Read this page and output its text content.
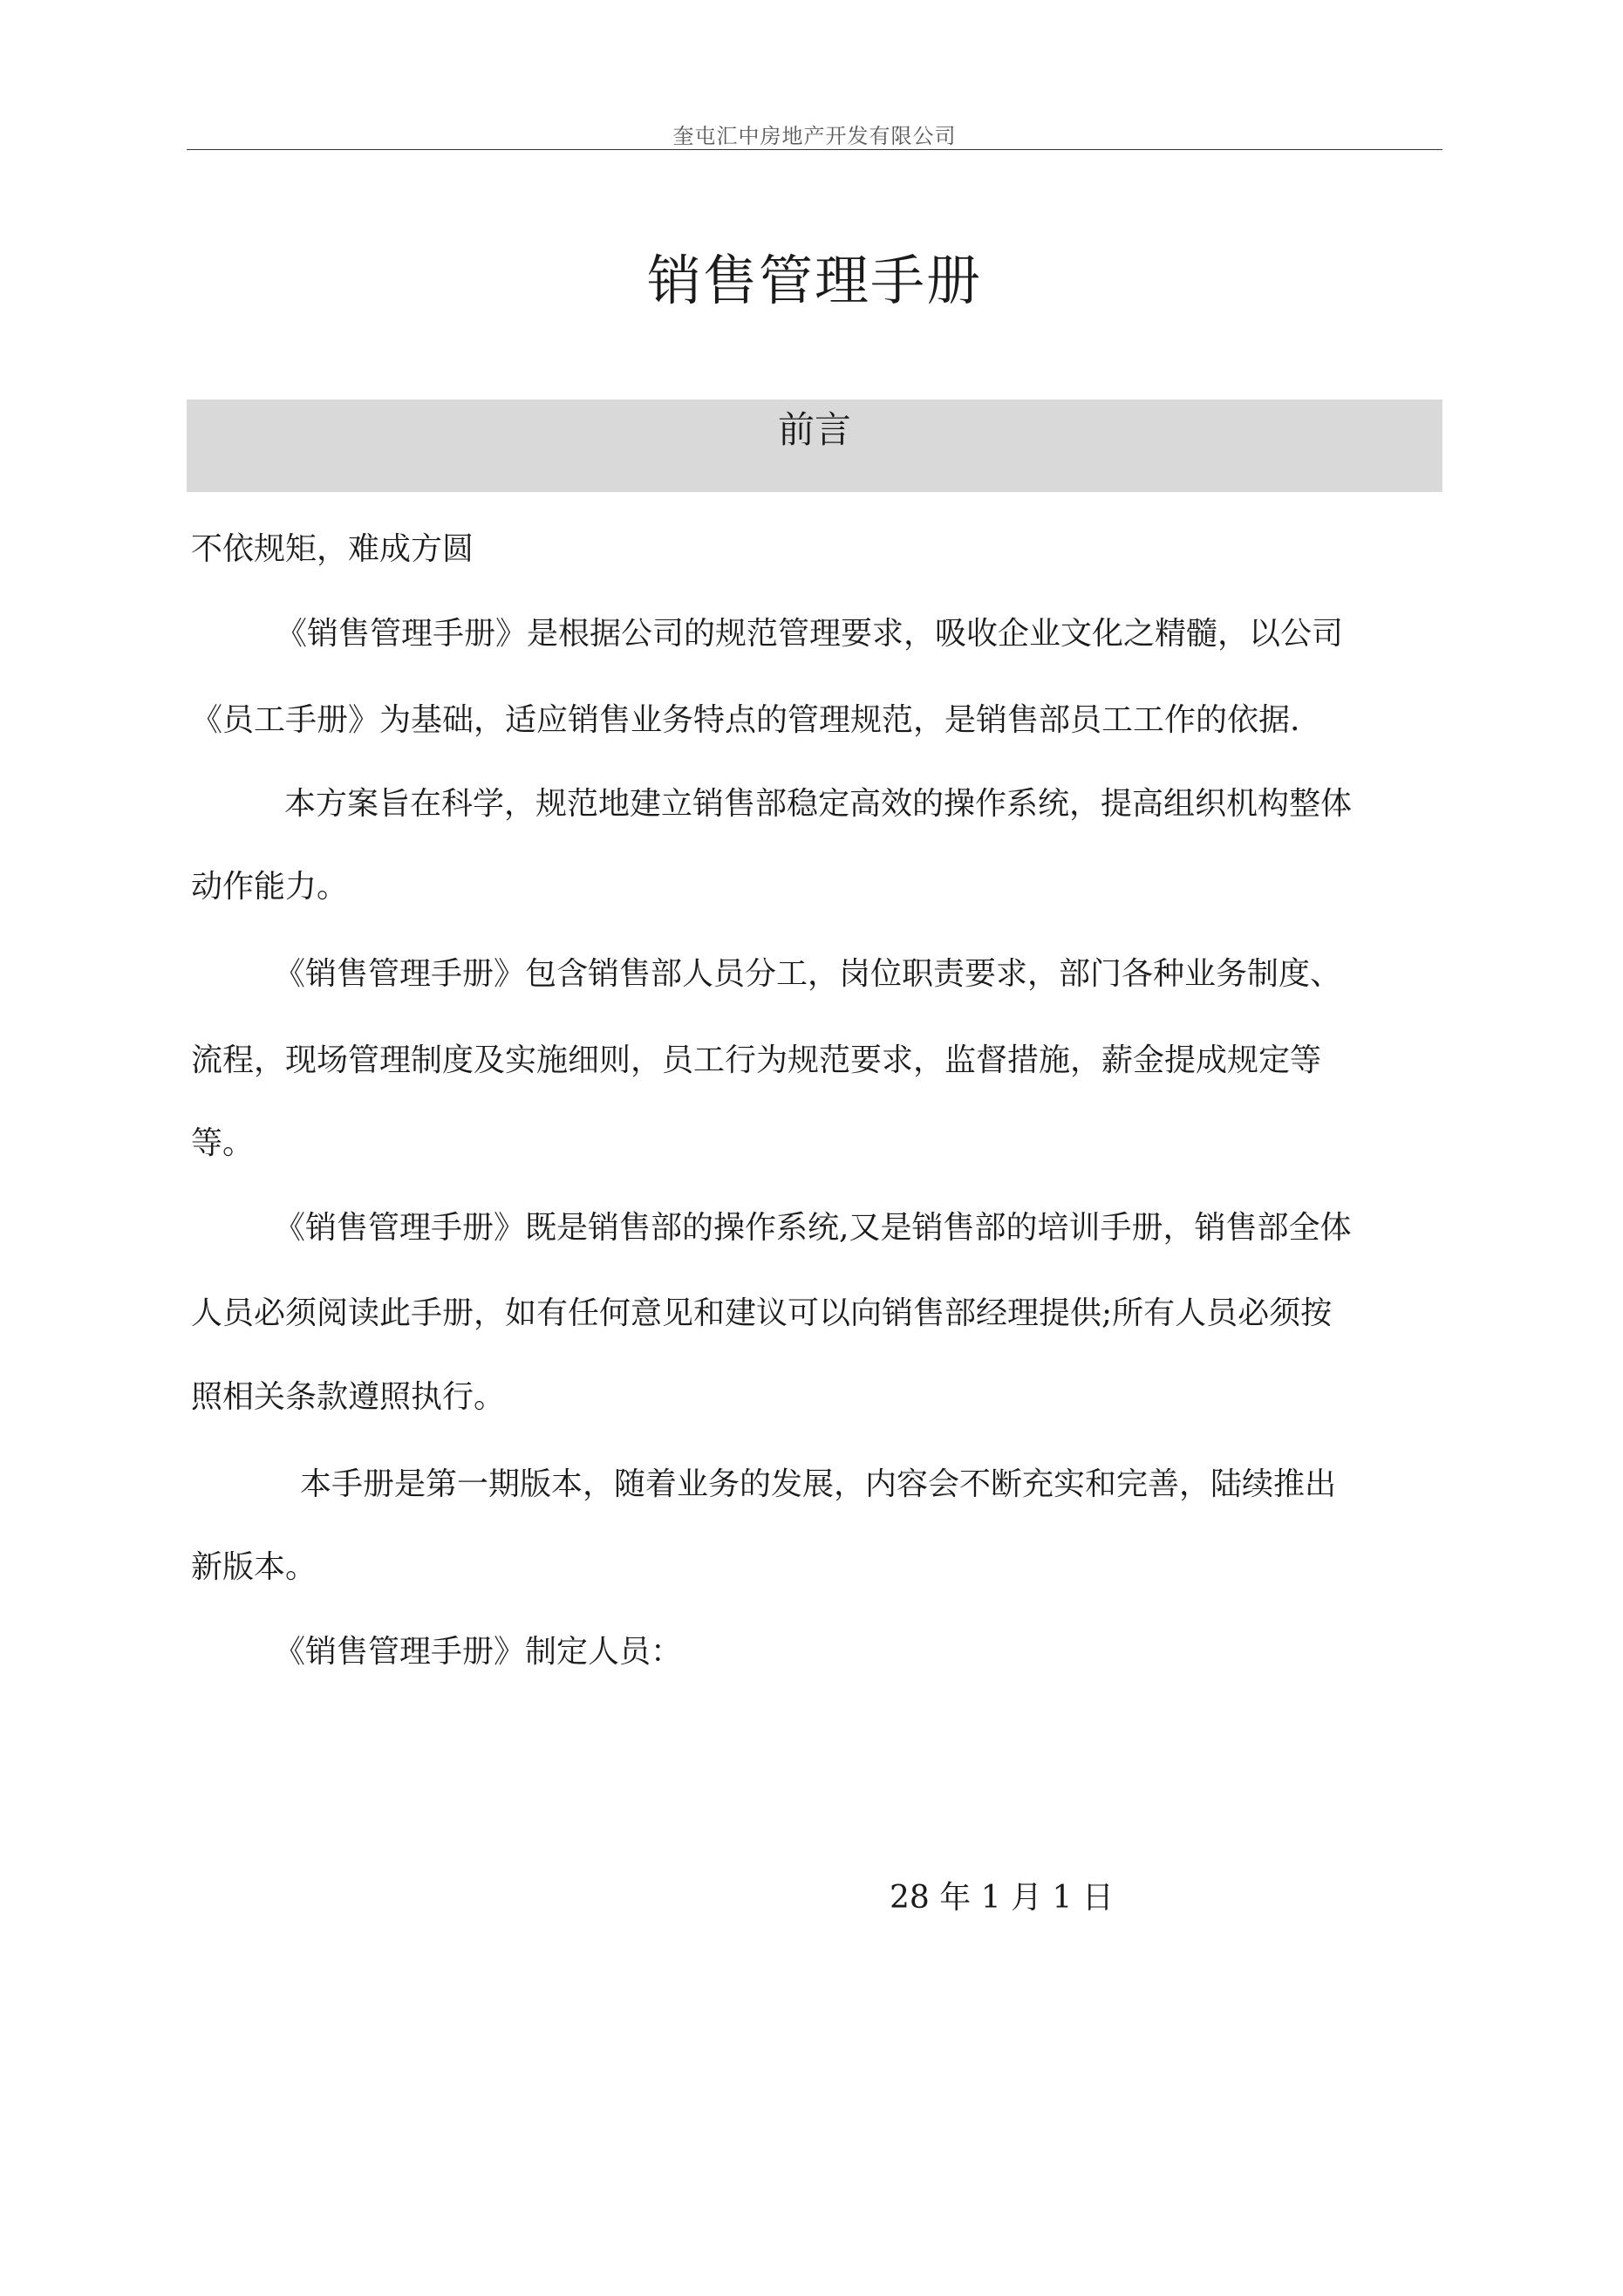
奎屯汇中房地产开发有限公司
销售管理手册
前言
不依规矩，难成方圆
《销售管理手册》是根据公司的规范管理要求，吸收企业文化之精髓，以公司
《员工手册》为基础，适应销售业务特点的管理规范，是销售部员工工作的依据.
本方案旨在科学，规范地建立销售部稳定高效的操作系统，提高组织机构整体
动作能力。
《销售管理手册》包含销售部人员分工，岗位职责要求，部门各种业务制度、
流程，现场管理制度及实施细则，员工行为规范要求，监督措施，薪金提成规定等
等。
《销售管理手册》既是销售部的操作系统,又是销售部的培训手册，销售部全体
人员必须阅读此手册，如有任何意见和建议可以向销售部经理提供;所有人员必须按
照相关条款遵照执行。
本手册是第一期版本，随着业务的发展，内容会不断充实和完善，陆续推出
新版本。
《销售管理手册》制定人员：
28 年 1 月 1 日
